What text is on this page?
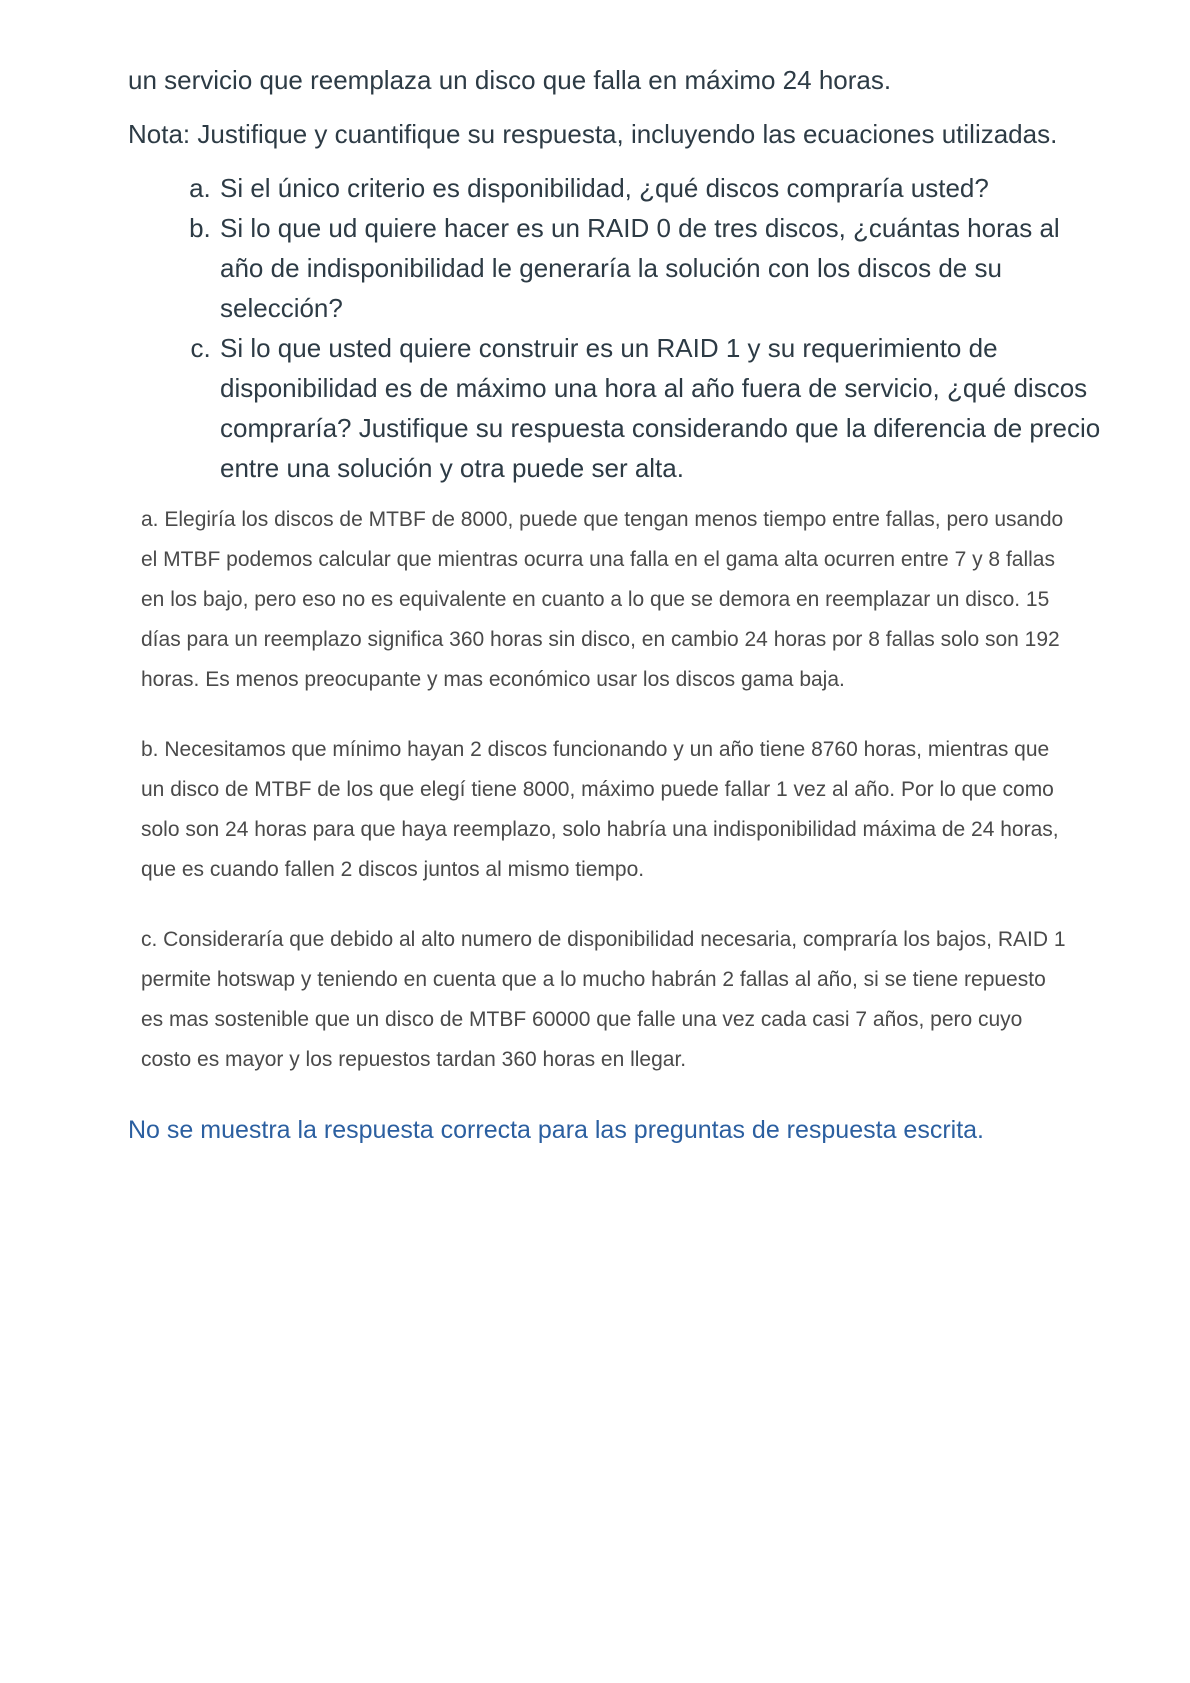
un servicio que reemplaza un disco que falla en máximo 24 horas.

Nota: Justifique y cuantifique su respuesta, incluyendo las ecuaciones utilizadas.

a. Si el único criterio es disponibilidad, ¿qué discos compraría usted?
b. Si lo que ud quiere hacer es un RAID 0 de tres discos, ¿cuántas horas al año de indisponibilidad le generaría la solución con los discos de su selección?
c. Si lo que usted quiere construir es un RAID 1 y su requerimiento de disponibilidad es de máximo una hora al año fuera de servicio, ¿qué discos compraría? Justifique su respuesta considerando que la diferencia de precio entre una solución y otra puede ser alta.

a. Elegiría los discos de MTBF de 8000, puede que tengan menos tiempo entre fallas, pero usando el MTBF podemos calcular que mientras ocurra una falla en el gama alta ocurren entre 7 y 8 fallas en los bajo, pero eso no es equivalente en cuanto a lo que se demora en reemplazar un disco. 15 días para un reemplazo significa 360 horas sin disco, en cambio 24 horas por 8 fallas solo son 192 horas. Es menos preocupante y mas económico usar los discos gama baja.

b. Necesitamos que mínimo hayan 2 discos funcionando y un año tiene 8760 horas, mientras que un disco de MTBF de los que elegí tiene 8000, máximo puede fallar 1 vez al año. Por lo que como solo son 24 horas para que haya reemplazo, solo habría una indisponibilidad máxima de 24 horas, que es cuando fallen 2 discos juntos al mismo tiempo.

c. Consideraría que debido al alto numero de disponibilidad necesaria, compraría los bajos, RAID 1 permite hotswap y teniendo en cuenta que a lo mucho habrán 2 fallas al año, si se tiene repuesto es mas sostenible que un disco de MTBF 60000 que falle una vez cada casi 7 años, pero cuyo costo es mayor y los repuestos tardan 360 horas en llegar.

No se muestra la respuesta correcta para las preguntas de respuesta escrita.
